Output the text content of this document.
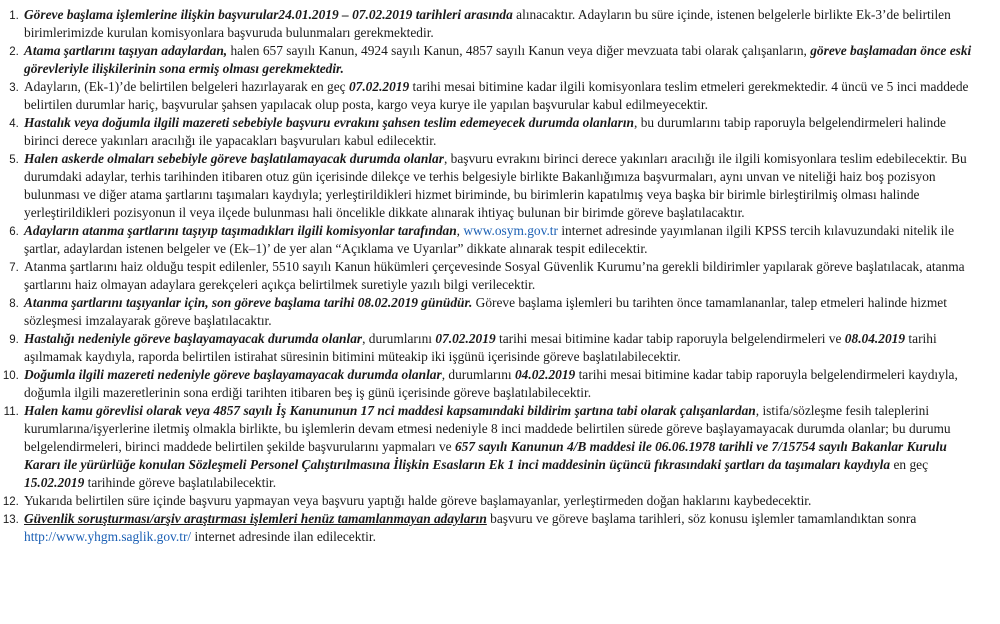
1. Göreve başlama işlemlerine ilişkin başvurular24.01.2019 – 07.02.2019 tarihleri arasında alınacaktır. Adayların bu süre içinde, istenen belgelerle birlikte Ek-3’de belirtilen birimlerimizde kurulan komisyonlara başvuruda bulunmaları gerekmektedir.
2. Atama şartlarını taşıyan adaylardan, halen 657 sayılı Kanun, 4924 sayılı Kanun, 4857 sayılı Kanun veya diğer mevzuata tabi olarak çalışanların, göreve başlamadan önce eski görevleriyle ilişkilerinin sona ermiş olması gerekmektedir.
3. Adayların, (Ek-1)’de belirtilen belgeleri hazırlayarak en geç 07.02.2019 tarihi mesai bitimine kadar ilgili komisyonlara teslim etmeleri gerekmektedir. 4 üncü ve 5 inci maddede belirtilen durumlar hariç, başvurular şahsen yapılacak olup posta, kargo veya kurye ile yapılan başvurular kabul edilmeyecektir.
4. Hastalık veya doğumla ilgili mazereti sebebiyle başvuru evrakını şahsen teslim edemeyecek durumda olanların, bu durumlarını tabip raporuyla belgelendirmeleri halinde birinci derece yakınları aracılığı ile yapacakları başvuruları kabul edilecektir.
5. Halen askerde olmaları sebebiyle göreve başlatılamayacak durumda olanlar, başvuru evrakını birinci derece yakınları aracılığı ile ilgili komisyonlara teslim edebilecektir. Bu durumdaki adaylar, terhis tarihinden itibaren otuz gün içerisinde dilekçe ve terhis belgesiyle birlikte Bakanlığımıza başvurmaları, aynı unvan ve niteliği haiz boş pozisyon bulunması ve diğer atama şartlarını taşımaları kaydıyla; yerleştirildikleri hizmet biriminde, bu birimlerin kapatılmış veya başka bir birimle birleştirilmiş olması halinde yerleştirildikleri pozisyonun il veya ilçede bulunması hali öncelikle dikkate alınarak ihtiyaç bulunan bir birimde göreve başlatılacaktır.
6. Adayların atanma şartlarını taşıyıp taşımadıkları ilgili komisyonlar tarafından, www.osym.gov.tr internet adresinde yayımlanan ilgili KPSS tercih kılavuzundaki nitelik ile şartlar, adaylardan istenen belgeler ve (Ek–1)’ de yer alan “Açıklama ve Uyarılar” dikkate alınarak tespit edilecektir.
7. Atanma şartlarını haiz olduğu tespit edilenler, 5510 sayılı Kanun hükümleri çerçevesinde Sosyal Güvenlik Kurumu’na gerekli bildirimler yapılarak göreve başlatılacak, atanma şartlarını haiz olmayan adaylara gerekçeleri açıkça belirtilmek suretiyle yazılı bilgi verilecektir.
8. Atanma şartlarını taşıyanlar için, son göreve başlama tarihi 08.02.2019 günüdür. Göreve başlama işlemleri bu tarihten önce tamamlananlar, talep etmeleri halinde hizmet sözleşmesi imzalayarak göreve başlatılacaktır.
9. Hastalığı nedeniyle göreve başlayamayacak durumda olanlar, durumlarını 07.02.2019 tarihi mesai bitimine kadar tabip raporuyla belgelendirmeleri ve 08.04.2019 tarihi aşılmamak kaydıyla, raporda belirtilen istirahat süresinin bitimini müteakip iki işgünü içerisinde göreve başlatılabilecektir.
10. Doğumla ilgili mazereti nedeniyle göreve başlayamayacak durumda olanlar, durumlarını 04.02.2019 tarihi mesai bitimine kadar tabip raporuyla belgelendirmeleri kaydıyla, doğumla ilgili mazeretlerinin sona erdiği tarihten itibaren beş iş günü içerisinde göreve başlatılabilecektir.
11. Halen kamu görevlisi olarak veya 4857 sayılı İş Kanununun 17 nci maddesi kapsamındaki bildirim şartına tabi olarak çalışanlardan, istifa/sözleşme fesih taleplerini kurumlarına/işyerlerine iletmiş olmakla birlikte, bu işlemlerin devam etmesi nedeniyle 8 inci maddede belirtilen sürede göreve başlayamayacak durumda olanlar; bu durumu belgelendirmeleri, birinci maddede belirtilen şekilde başvurularını yapmaları ve 657 sayılı Kanunun 4/B maddesi ile 06.06.1978 tarihli ve 7/15754 sayılı Bakanlar Kurulu Kararı ile yürürlüğe konulan Sözleşmeli Personel Çalıştırılmasına İlişkin Esasların Ek 1 inci maddesinin üçüncü fıkrasındaki şartları da taşımaları kaydıyla en geç 15.02.2019 tarihinde göreve başlatılabilecektir.
12. Yukarıda belirtilen süre içinde başvuru yapmayan veya başvuru yaptığı halde göreve başlamayanlar, yerleştirmeden doğan haklarını kaybedecektir.
13. Güvenlik soruşturması/arşiv araştırması işlemleri henüz tamamlanmayan adayların başvuru ve göreve başlama tarihleri, söz konusu işlemler tamamlandıktan sonra http://www.yhgm.saglik.gov.tr/ internet adresinde ilan edilecektir.
